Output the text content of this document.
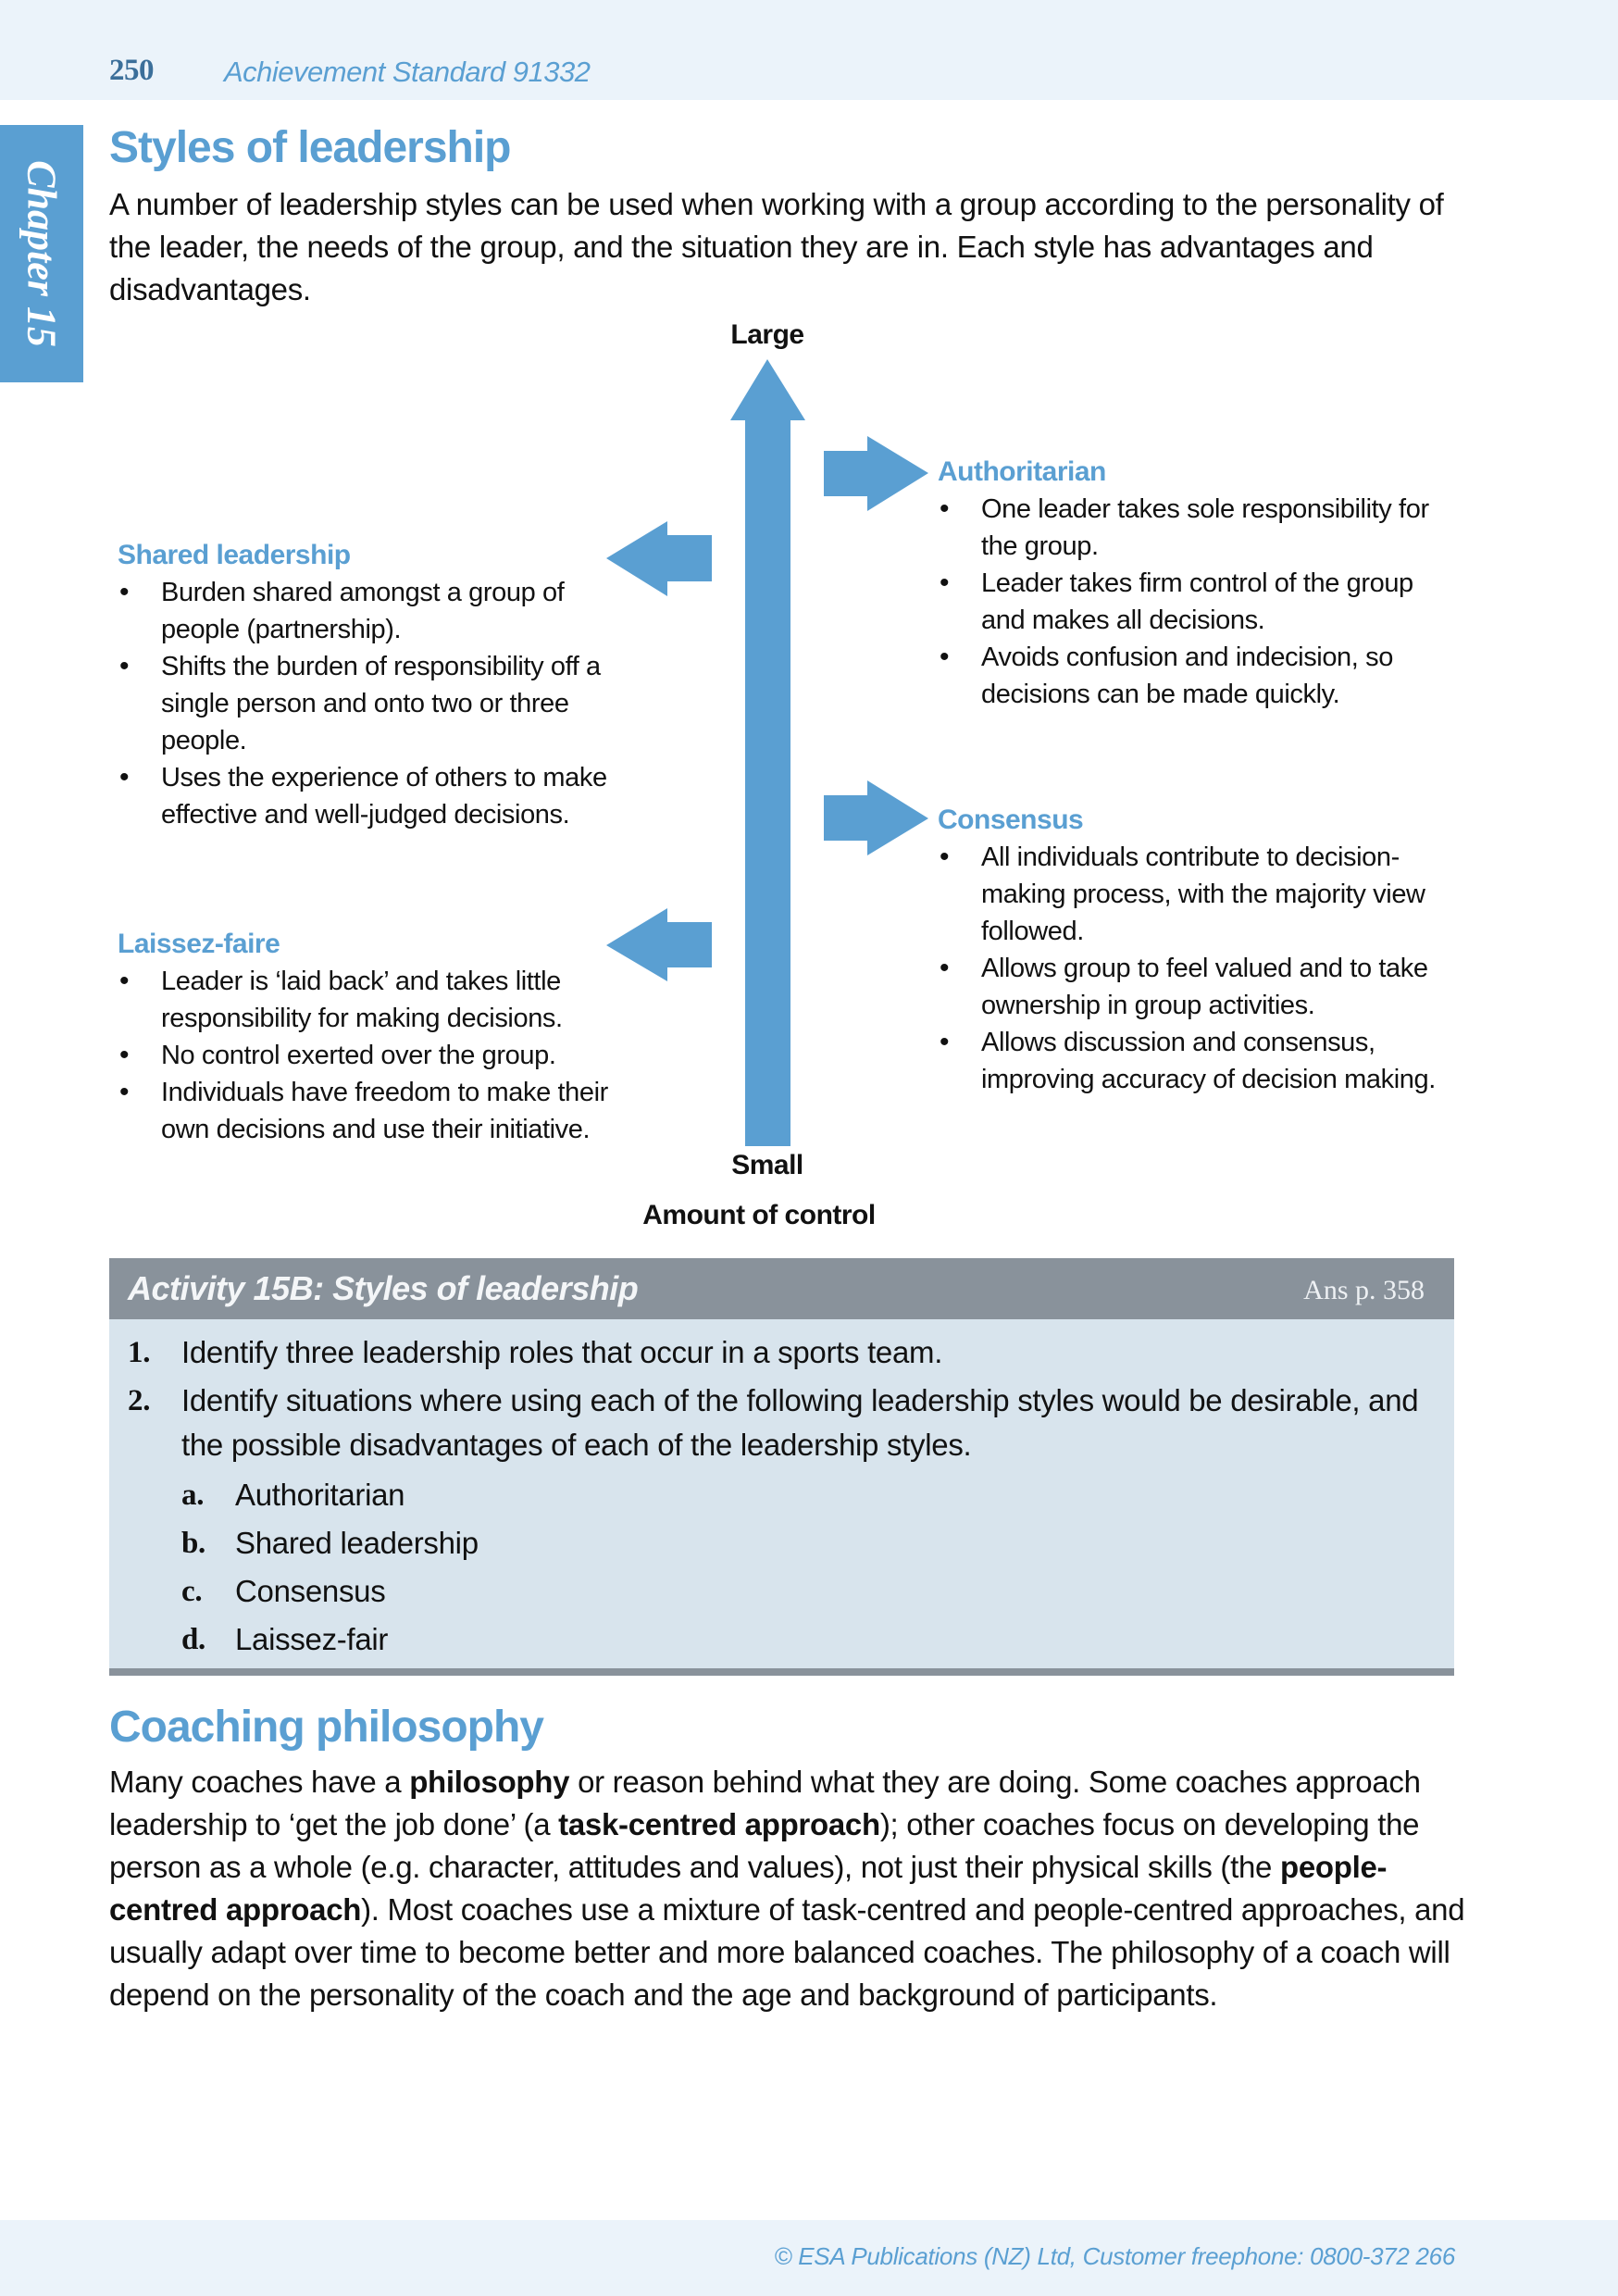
250 Achievement Standard 91332
Chapter 15
Styles of leadership

A number of leadership styles can be used when working with a group according to the personality of the leader, the needs of the group, and the situation they are in. Each style has advantages and disadvantages.

Large
Small
Amount of control
Authoritarian
• One leader takes sole responsibility for the group.
• Leader takes firm control of the group and makes all decisions.
• Avoids confusion and indecision, so decisions can be made quickly.
Shared leadership
• Burden shared amongst a group of people (partnership).
• Shifts the burden of responsibility off a single person and onto two or three people.
• Uses the experience of others to make effective and well-judged decisions.	Consensus
• All individuals contribute to decision-making process, with the majority view followed.
• Allows group to feel valued and to take ownership in group activities.
• Allows discussion and consensus, improving accuracy of decision making.
Laissez-faire
• Leader is ‘laid back’ and takes little responsibility for making decisions.
• No control exerted over the group.
• Individuals have freedom to make their own decisions and use their initiative.
Activity 15B: Styles of leadership	Ans p. 358
1.	Identify three leadership roles that occur in a sports team.
2.	Identify situations where using each of the following leadership styles would be desirable, and the possible disadvantages of each of the leadership styles.
a.	Authoritarian
b. Shared leadership
c.	Consensus
d. Laissez-fair
Coaching philosophy

Many coaches have a philosophy or reason behind what they are doing. Some coaches approach leadership to ‘get the job done’ (a task-centred approach); other coaches focus on developing the person as a whole (e.g. character, attitudes and values), not just their physical skills (the people-centred approach). Most coaches use a mixture of task-centred and people-centred approaches, and usually adapt over time to become better and more balanced coaches. The philosophy of a coach will depend on the personality of the coach and the age and background of participants.

© ESA Publications (NZ) Ltd, Customer freephone: 0800-372 266
